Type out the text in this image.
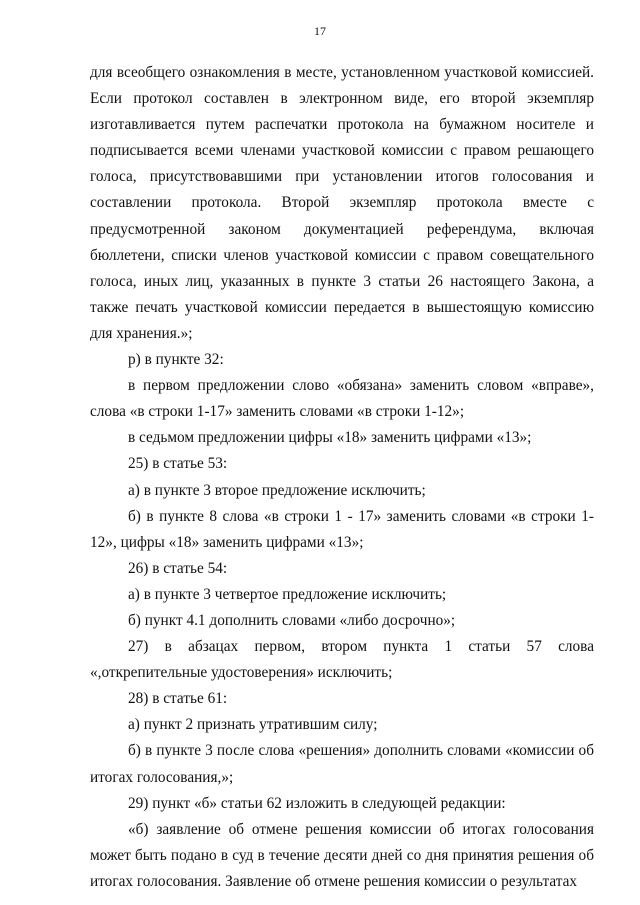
17

для всеобщего ознакомления в месте, установленном участковой комиссией. Если протокол составлен в электронном виде, его второй экземпляр изготавливается путем распечатки протокола на бумажном носителе и подписывается всеми членами участковой комиссии с правом решающего голоса, присутствовавшими при установлении итогов голосования и составлении протокола. Второй экземпляр протокола вместе с предусмотренной законом документацией референдума, включая бюллетени, списки членов участковой комиссии с правом совещательного голоса, иных лиц, указанных в пункте 3 статьи 26 настоящего Закона, а также печать участковой комиссии передается в вышестоящую комиссию для хранения.»;

р) в пункте 32:

в первом предложении слово «обязана» заменить словом «вправе», слова «в строки 1-17» заменить словами «в строки 1-12»;

в седьмом предложении цифры «18» заменить цифрами «13»;

25) в статье 53:

а) в пункте 3 второе предложение исключить;

б) в пункте 8 слова «в строки 1 - 17» заменить словами «в строки 1-12», цифры «18» заменить цифрами «13»;

26) в статье 54:

а) в пункте 3 четвертое предложение исключить;

б) пункт 4.1 дополнить словами «либо досрочно»;

27) в абзацах первом, втором пункта 1 статьи 57 слова «,открепительные удостоверения» исключить;

28) в статье 61:

а) пункт 2 признать утратившим силу;

б) в пункте 3 после слова «решения» дополнить словами «комиссии об итогах голосования,»;

29) пункт «б» статьи 62 изложить в следующей редакции:

«б) заявление об отмене решения комиссии об итогах голосования может быть подано в суд в течение десяти дней со дня принятия решения об итогах голосования. Заявление об отмене решения комиссии о результатах
